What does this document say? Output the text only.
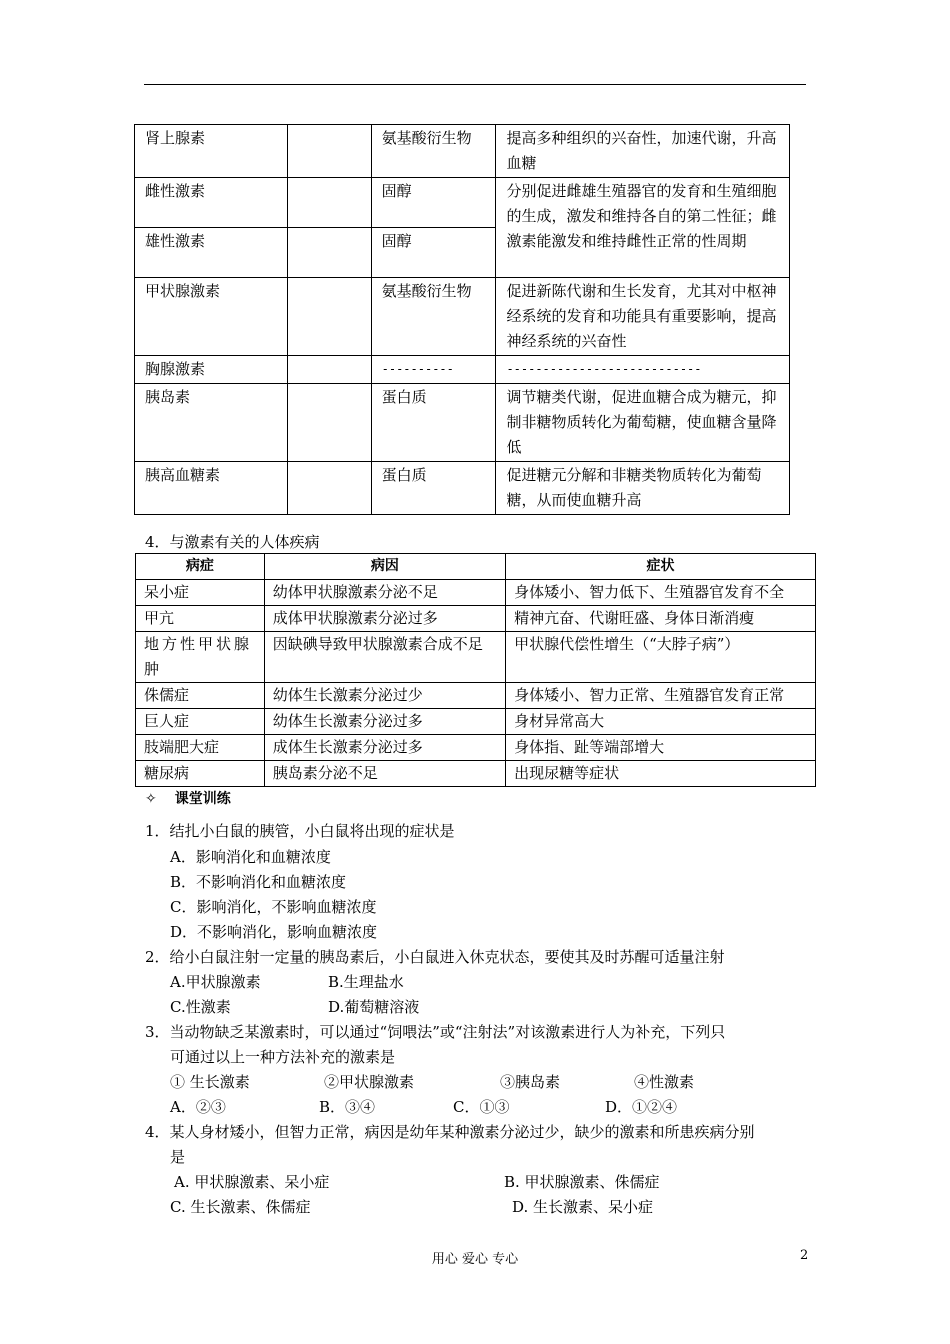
肾上腺素		氨基酸衍生物	提高多种组织的兴奋性，加速代谢，升高血糖
雌性激素		固醇	分别促进雌雄生殖器官的发育和生殖细胞的生成，激发和维持各自的第二性征；雌激素能激发和维持雌性正常的性周期
雄性激素		固醇	
甲状腺激素		氨基酸衍生物	促进新陈代谢和生长发育，尤其对中枢神经系统的发育和功能具有重要影响，提高神经系统的兴奋性
胸腺激素		----------	---------------------------
胰岛素		蛋白质	调节糖类代谢，促进血糖合成为糖元，抑制非糖物质转化为葡萄糖，使血糖含量降低
胰高血糖素		蛋白质	促进糖元分解和非糖类物质转化为葡萄糖，从而使血糖升高
4．与激素有关的人体疾病
病症	病因	症状
呆小症	幼体甲状腺激素分泌不足	身体矮小、智力低下、生殖器官发育不全
甲亢	成体甲状腺激素分泌过多	精神亢奋、代谢旺盛、身体日渐消瘦
地方性甲状腺肿	因缺碘导致甲状腺激素合成不足	甲状腺代偿性增生（“大脖子病”）
侏儒症	幼体生长激素分泌过少	身体矮小、智力正常、生殖器官发育正常
巨人症	幼体生长激素分泌过多	身材异常高大
肢端肥大症	成体生长激素分泌过多	身体指、趾等端部增大
糖尿病	胰岛素分泌不足	出现尿糖等症状
✧ 课堂训练
1．结扎小白鼠的胰管，小白鼠将出现的症状是
A．影响消化和血糖浓度
B．不影响消化和血糖浓度
C．影响消化，不影响血糖浓度
D．不影响消化，影响血糖浓度
2．给小白鼠注射一定量的胰岛素后，小白鼠进入休克状态，要使其及时苏醒可适量注射
A.甲状腺激素	B.生理盐水
C.性激素	D.葡萄糖溶液
3．当动物缺乏某激素时，可以通过“饲喂法”或“注射法”对该激素进行人为补充，下列只
可通过以上一种方法补充的激素是
① 生长激素	②甲状腺激素	③胰岛素	④性激素
A．②③	B．③④	C．①③	D．①②④
4．某人身材矮小，但智力正常，病因是幼年某种激素分泌过少，缺少的激素和所患疾病分别
是
A. 甲状腺激素、呆小症	B. 甲状腺激素、侏儒症
C. 生长激素、侏儒症	D. 生长激素、呆小症
用心 爱心 专心	2
